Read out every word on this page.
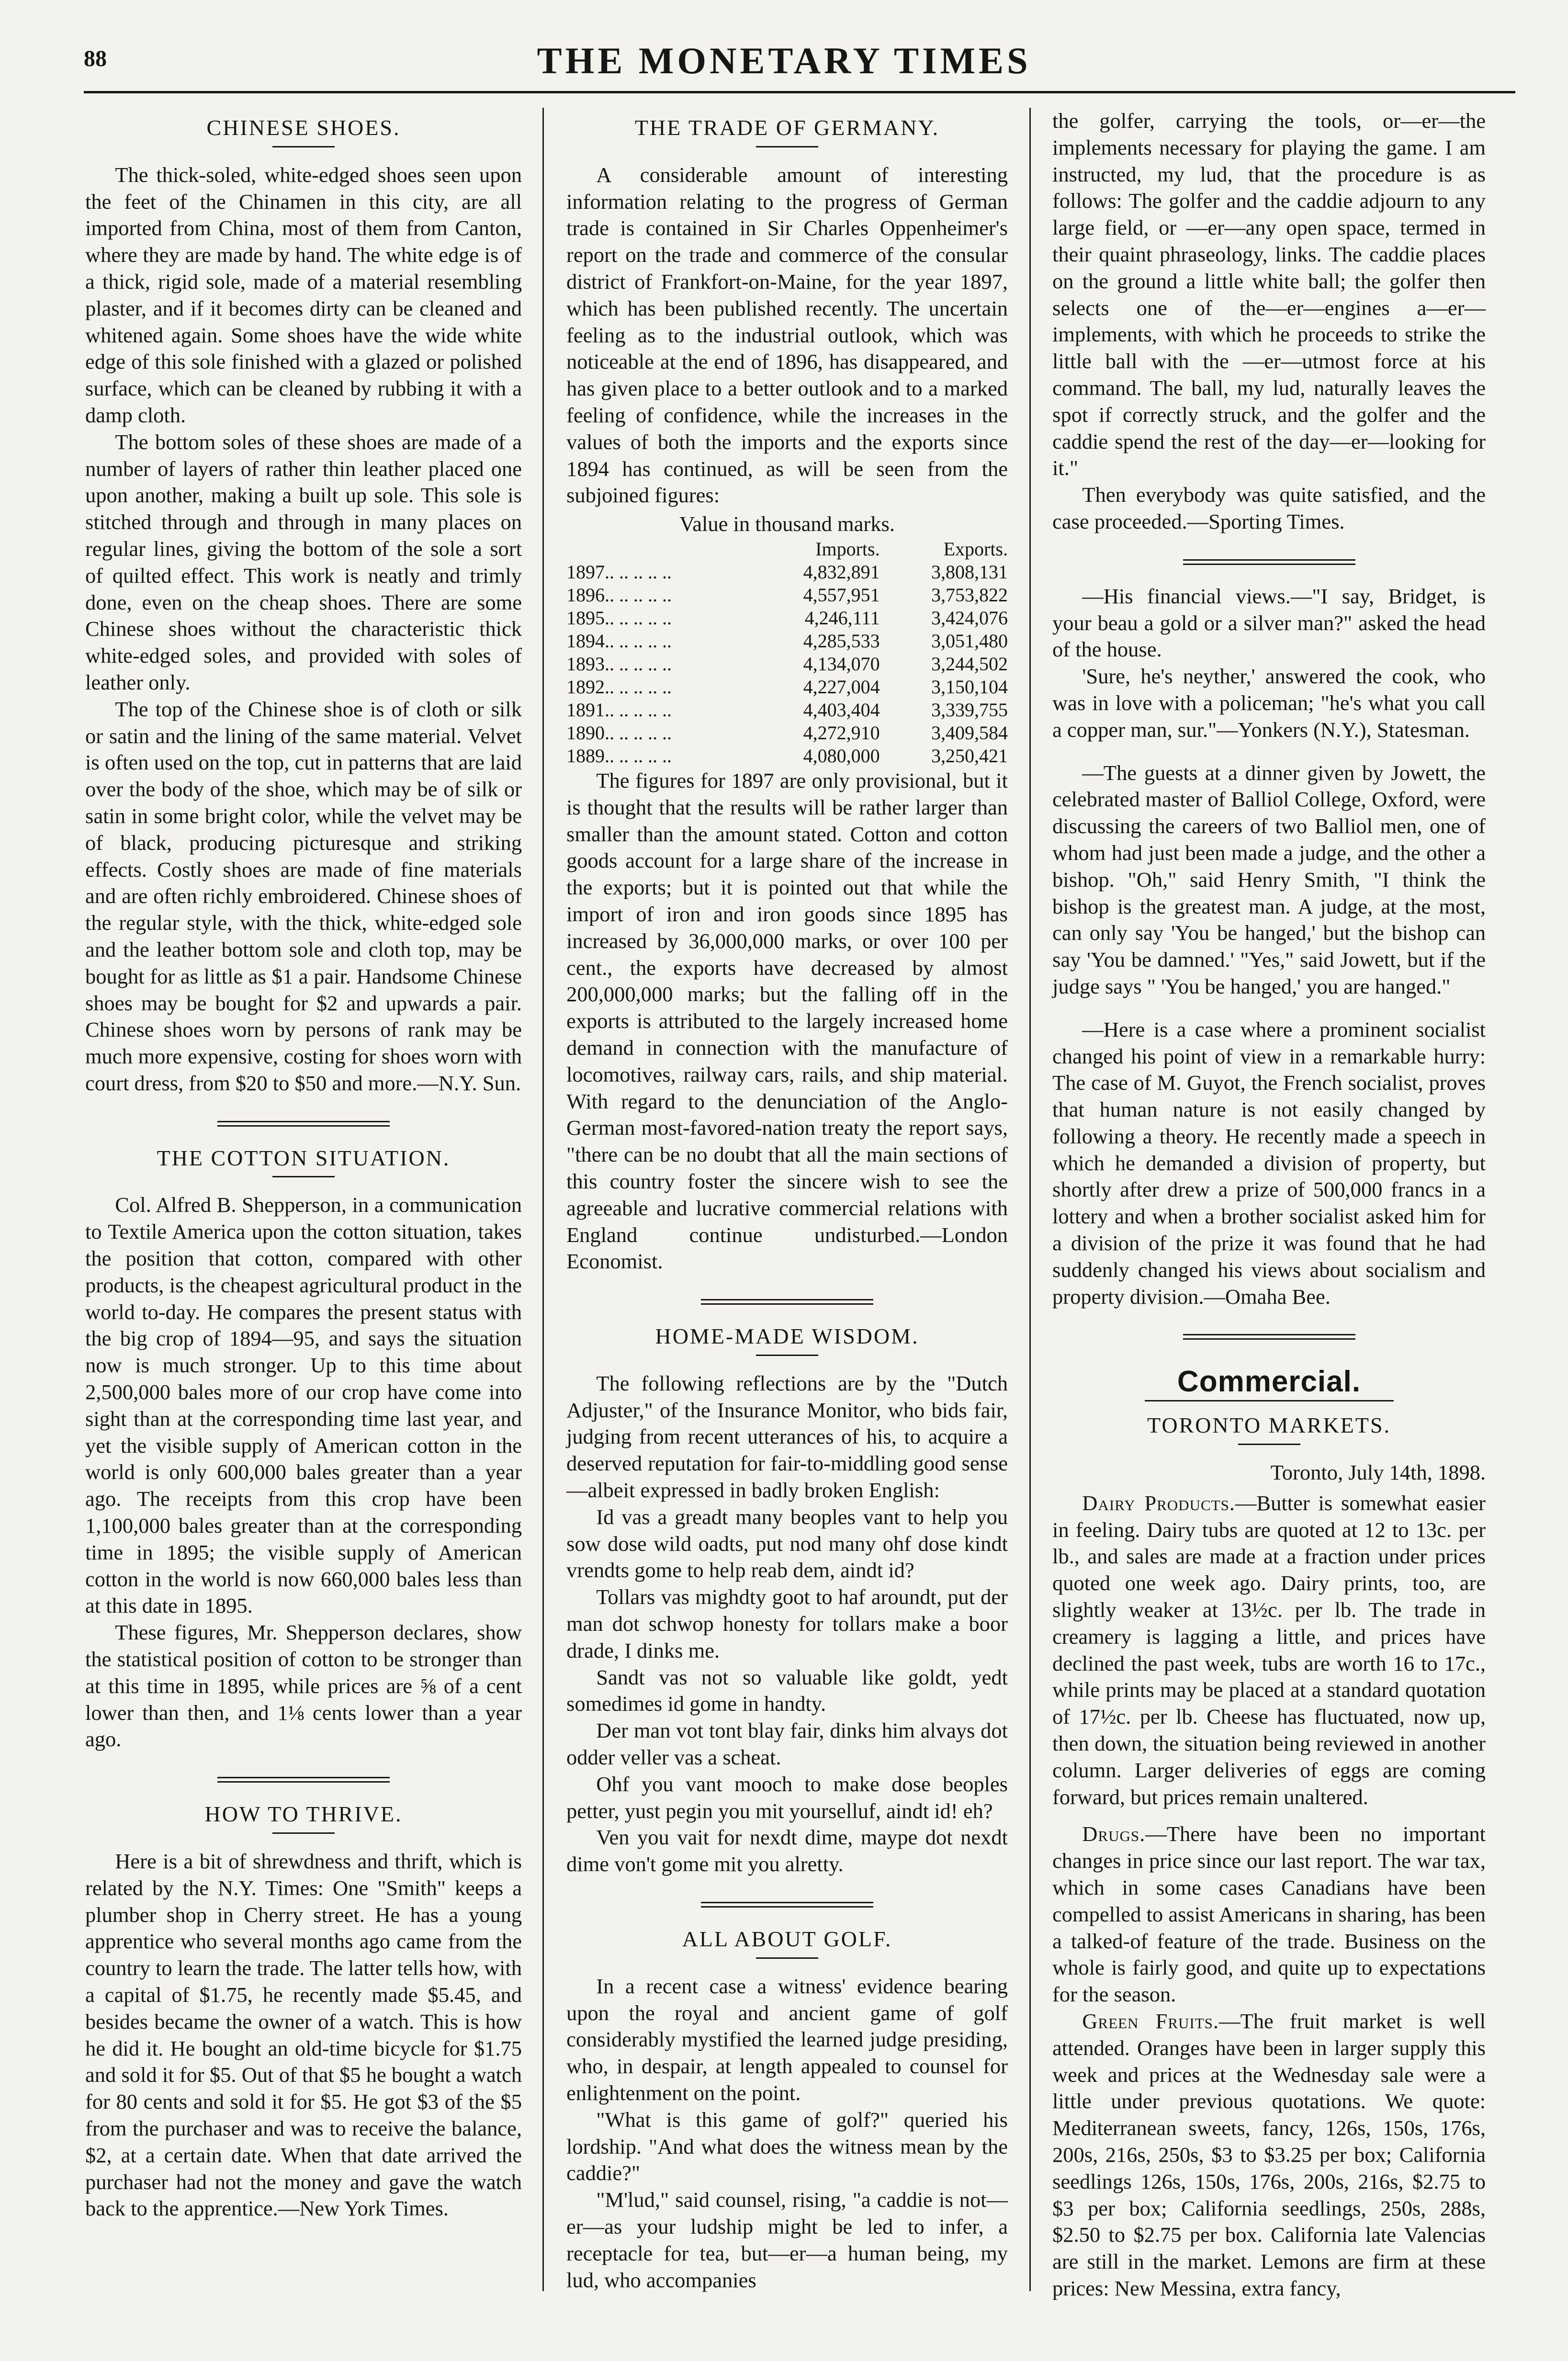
88	THE MONETARY TIMES
CHINESE SHOES.

The thick-soled, white-edged shoes seen upon the feet of the Chinamen in this city, are all imported from China, most of them from Canton, where they are made by hand. The white edge is of a thick, rigid sole, made of a material resembling plaster, and if it becomes dirty can be cleaned and whitened again. Some shoes have the wide white edge of this sole finished with a glazed or polished surface, which can be cleaned by rubbing it with a damp cloth.

The bottom soles of these shoes are made of a number of layers of rather thin leather placed one upon another, making a built up sole. This sole is stitched through and through in many places on regular lines, giving the bottom of the sole a sort of quilted effect. This work is neatly and trimly done, even on the cheap shoes. There are some Chinese shoes without the characteristic thick white-edged soles, and provided with soles of leather only.

The top of the Chinese shoe is of cloth or silk or satin and the lining of the same material. Velvet is often used on the top, cut in patterns that are laid over the body of the shoe, which may be of silk or satin in some bright color, while the velvet may be of black, producing picturesque and striking effects. Costly shoes are made of fine materials and are often richly embroidered. Chinese shoes of the regular style, with the thick, white-edged sole and the leather bottom sole and cloth top, may be bought for as little as $1 a pair. Handsome Chinese shoes may be bought for $2 and upwards a pair. Chinese shoes worn by persons of rank may be much more expensive, costing for shoes worn with court dress, from $20 to $50 and more.—N.Y. Sun.

THE COTTON SITUATION.

Col. Alfred B. Shepperson, in a communication to Textile America upon the cotton situation, takes the position that cotton, compared with other products, is the cheapest agricultural product in the world to-day. He compares the present status with the big crop of 1894—95, and says the situation now is much stronger. Up to this time about 2,500,000 bales more of our crop have come into sight than at the corresponding time last year, and yet the visible supply of American cotton in the world is only 600,000 bales greater than a year ago. The receipts from this crop have been 1,100,000 bales greater than at the corresponding time in 1895; the visible supply of American cotton in the world is now 660,000 bales less than at this date in 1895.

These figures, Mr. Shepperson declares, show the statistical position of cotton to be stronger than at this time in 1895, while prices are ⅝ of a cent lower than then, and 1⅛ cents lower than a year ago.

HOW TO THRIVE.

Here is a bit of shrewdness and thrift, which is related by the N.Y. Times: One "Smith" keeps a plumber shop in Cherry street. He has a young apprentice who several months ago came from the country to learn the trade. The latter tells how, with a capital of $1.75, he recently made $5.45, and besides became the owner of a watch. This is how he did it. He bought an old-time bicycle for $1.75 and sold it for $5. Out of that $5 he bought a watch for 80 cents and sold it for $5. He got $3 of the $5 from the purchaser and was to receive the balance, $2, at a certain date. When that date arrived the purchaser had not the money and gave the watch back to the apprentice.—New York Times.

THE TRADE OF GERMANY.

A considerable amount of interesting information relating to the progress of German trade is contained in Sir Charles Oppenheimer's report on the trade and commerce of the consular district of Frankfort-on-Maine, for the year 1897, which has been published recently. The uncertain feeling as to the industrial outlook, which was noticeable at the end of 1896, has disappeared, and has given place to a better outlook and to a marked feeling of confidence, while the increases in the values of both the imports and the exports since 1894 has continued, as will be seen from the subjoined figures:

Value in thousand marks.
	Imports.	Exports.
1897.. .. .. .. ..	4,832,891	3,808,131
1896.. .. .. .. ..	4,557,951	3,753,822
1895.. .. .. .. ..	4,246,111	3,424,076
1894.. .. .. .. ..	4,285,533	3,051,480
1893.. .. .. .. ..	4,134,070	3,244,502
1892.. .. .. .. ..	4,227,004	3,150,104
1891.. .. .. .. ..	4,403,404	3,339,755
1890.. .. .. .. ..	4,272,910	3,409,584
1889.. .. .. .. ..	4,080,000	3,250,421

The figures for 1897 are only provisional, but it is thought that the results will be rather larger than smaller than the amount stated. Cotton and cotton goods account for a large share of the increase in the exports; but it is pointed out that while the import of iron and iron goods since 1895 has increased by 36,000,000 marks, or over 100 per cent., the exports have decreased by almost 200,000,000 marks; but the falling off in the exports is attributed to the largely increased home demand in connection with the manufacture of locomotives, railway cars, rails, and ship material. With regard to the denunciation of the Anglo-German most-favored-nation treaty the report says, "there can be no doubt that all the main sections of this country foster the sincere wish to see the agreeable and lucrative commercial relations with England continue undisturbed.—London Economist.

HOME-MADE WISDOM.

The following reflections are by the "Dutch Adjuster," of the Insurance Monitor, who bids fair, judging from recent utterances of his, to acquire a deserved reputation for fair-to-middling good sense—albeit expressed in badly broken English:

Id vas a greadt many beoples vant to help you sow dose wild oadts, put nod many ohf dose kindt vrendts gome to help reab dem, aindt id?

Tollars vas mighdty goot to haf aroundt, put der man dot schwop honesty for tollars make a boor drade, I dinks me.

Sandt vas not so valuable like goldt, yedt somedimes id gome in handty.

Der man vot tont blay fair, dinks him alvays dot odder veller vas a scheat.

Ohf you vant mooch to make dose beoples petter, yust pegin you mit yourselluf, aindt id! eh?

Ven you vait for nexdt dime, maype dot nexdt dime von't gome mit you alretty.

ALL ABOUT GOLF.

In a recent case a witness' evidence bearing upon the royal and ancient game of golf considerably mystified the learned judge presiding, who, in despair, at length appealed to counsel for enlightenment on the point.

"What is this game of golf?" queried his lordship. "And what does the witness mean by the caddie?"

"M'lud," said counsel, rising, "a caddie is not—er—as your ludship might be led to infer, a receptacle for tea, but—er—a human being, my lud, who accompanies

the golfer, carrying the tools, or—er—the implements necessary for playing the game. I am instructed, my lud, that the procedure is as follows: The golfer and the caddie adjourn to any large field, or —er—any open space, termed in their quaint phraseology, links. The caddie places on the ground a little white ball; the golfer then selects one of the—er—engines a—er—implements, with which he proceeds to strike the little ball with the —er—utmost force at his command. The ball, my lud, naturally leaves the spot if correctly struck, and the golfer and the caddie spend the rest of the day—er—looking for it."

Then everybody was quite satisfied, and the case proceeded.—Sporting Times.

—His financial views.—"I say, Bridget, is your beau a gold or a silver man?" asked the head of the house.

'Sure, he's neyther,' answered the cook, who was in love with a policeman; "he's what you call a copper man, sur."—Yonkers (N.Y.), Statesman.

—The guests at a dinner given by Jowett, the celebrated master of Balliol College, Oxford, were discussing the careers of two Balliol men, one of whom had just been made a judge, and the other a bishop. "Oh," said Henry Smith, "I think the bishop is the greatest man. A judge, at the most, can only say 'You be hanged,' but the bishop can say 'You be damned.' "Yes," said Jowett, but if the judge says " 'You be hanged,' you are hanged."

—Here is a case where a prominent socialist changed his point of view in a remarkable hurry: The case of M. Guyot, the French socialist, proves that human nature is not easily changed by following a theory. He recently made a speech in which he demanded a division of property, but shortly after drew a prize of 500,000 francs in a lottery and when a brother socialist asked him for a division of the prize it was found that he had suddenly changed his views about socialism and property division.—Omaha Bee.

Commercial.
TORONTO MARKETS.

Toronto, July 14th, 1898.

Dairy Products.—Butter is somewhat easier in feeling. Dairy tubs are quoted at 12 to 13c. per lb., and sales are made at a fraction under prices quoted one week ago. Dairy prints, too, are slightly weaker at 13½c. per lb. The trade in creamery is lagging a little, and prices have declined the past week, tubs are worth 16 to 17c., while prints may be placed at a standard quotation of 17½c. per lb. Cheese has fluctuated, now up, then down, the situation being reviewed in another column. Larger deliveries of eggs are coming forward, but prices remain unaltered.

Drugs.—There have been no important changes in price since our last report. The war tax, which in some cases Canadians have been compelled to assist Americans in sharing, has been a talked-of feature of the trade. Business on the whole is fairly good, and quite up to expectations for the season.

Green Fruits.—The fruit market is well attended. Oranges have been in larger supply this week and prices at the Wednesday sale were a little under previous quotations. We quote: Mediterranean sweets, fancy, 126s, 150s, 176s, 200s, 216s, 250s, $3 to $3.25 per box; California seedlings 126s, 150s, 176s, 200s, 216s, $2.75 to $3 per box; California seedlings, 250s, 288s, $2.50 to $2.75 per box. California late Valencias are still in the market. Lemons are firm at these prices: New Messina, extra fancy,
